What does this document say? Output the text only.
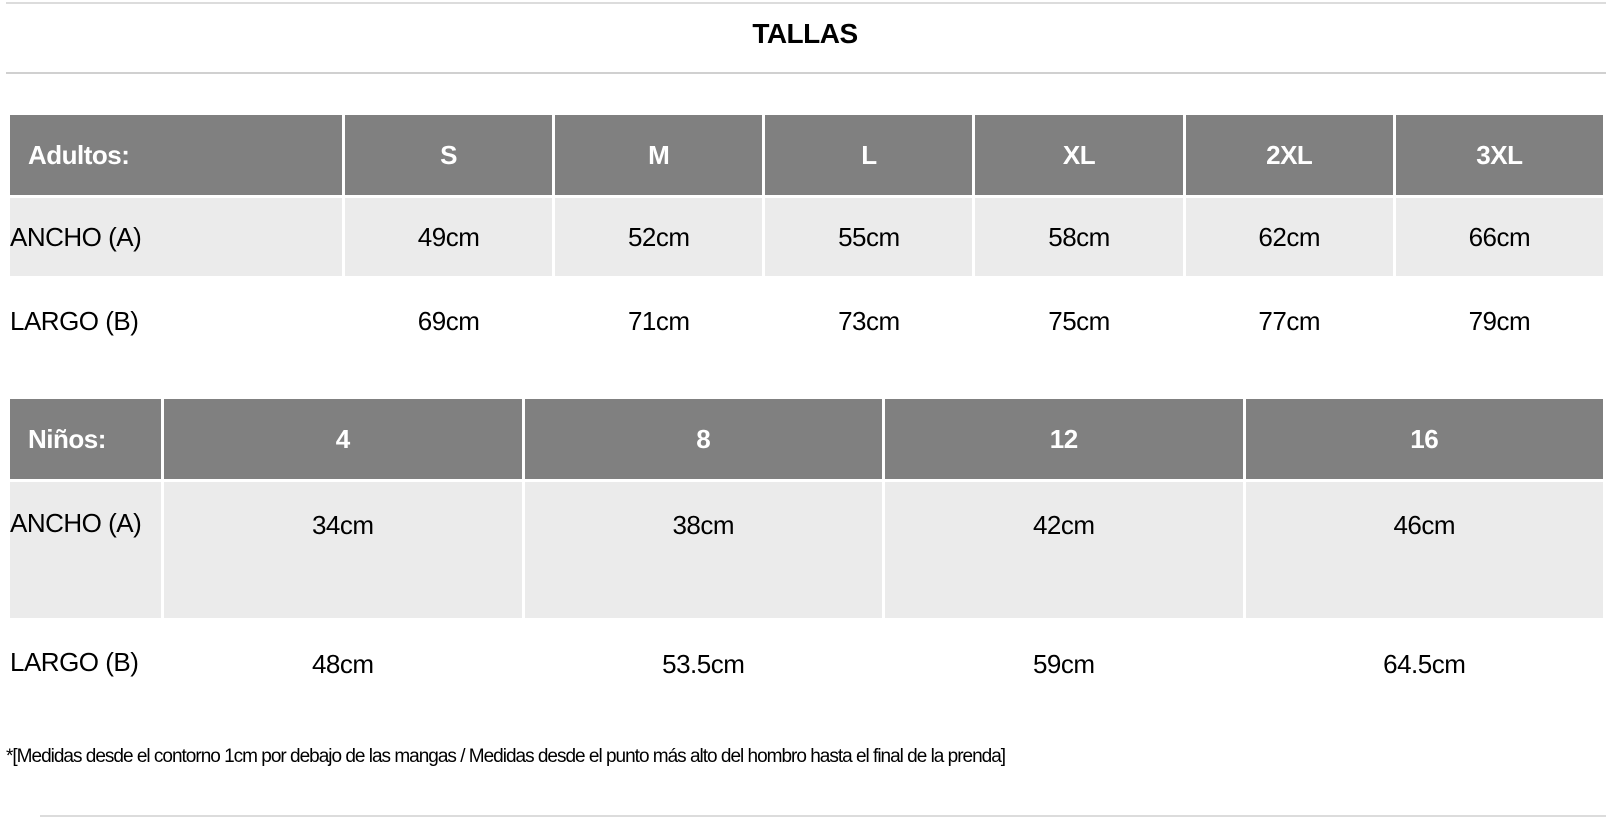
TALLAS
Adultos:	S	M	L	XL	2XL	3XL
ANCHO (A)	49cm	52cm	55cm	58cm	62cm	66cm
LARGO (B)	69cm	71cm	73cm	75cm	77cm	79cm
Niños:	4	8	12	16
ANCHO (A)	34cm	38cm	42cm	46cm
LARGO (B)	48cm	53.5cm	59cm	64.5cm
*[Medidas desde el contorno 1cm por debajo de las mangas / Medidas desde el punto más alto del hombro hasta el final de la prenda]
